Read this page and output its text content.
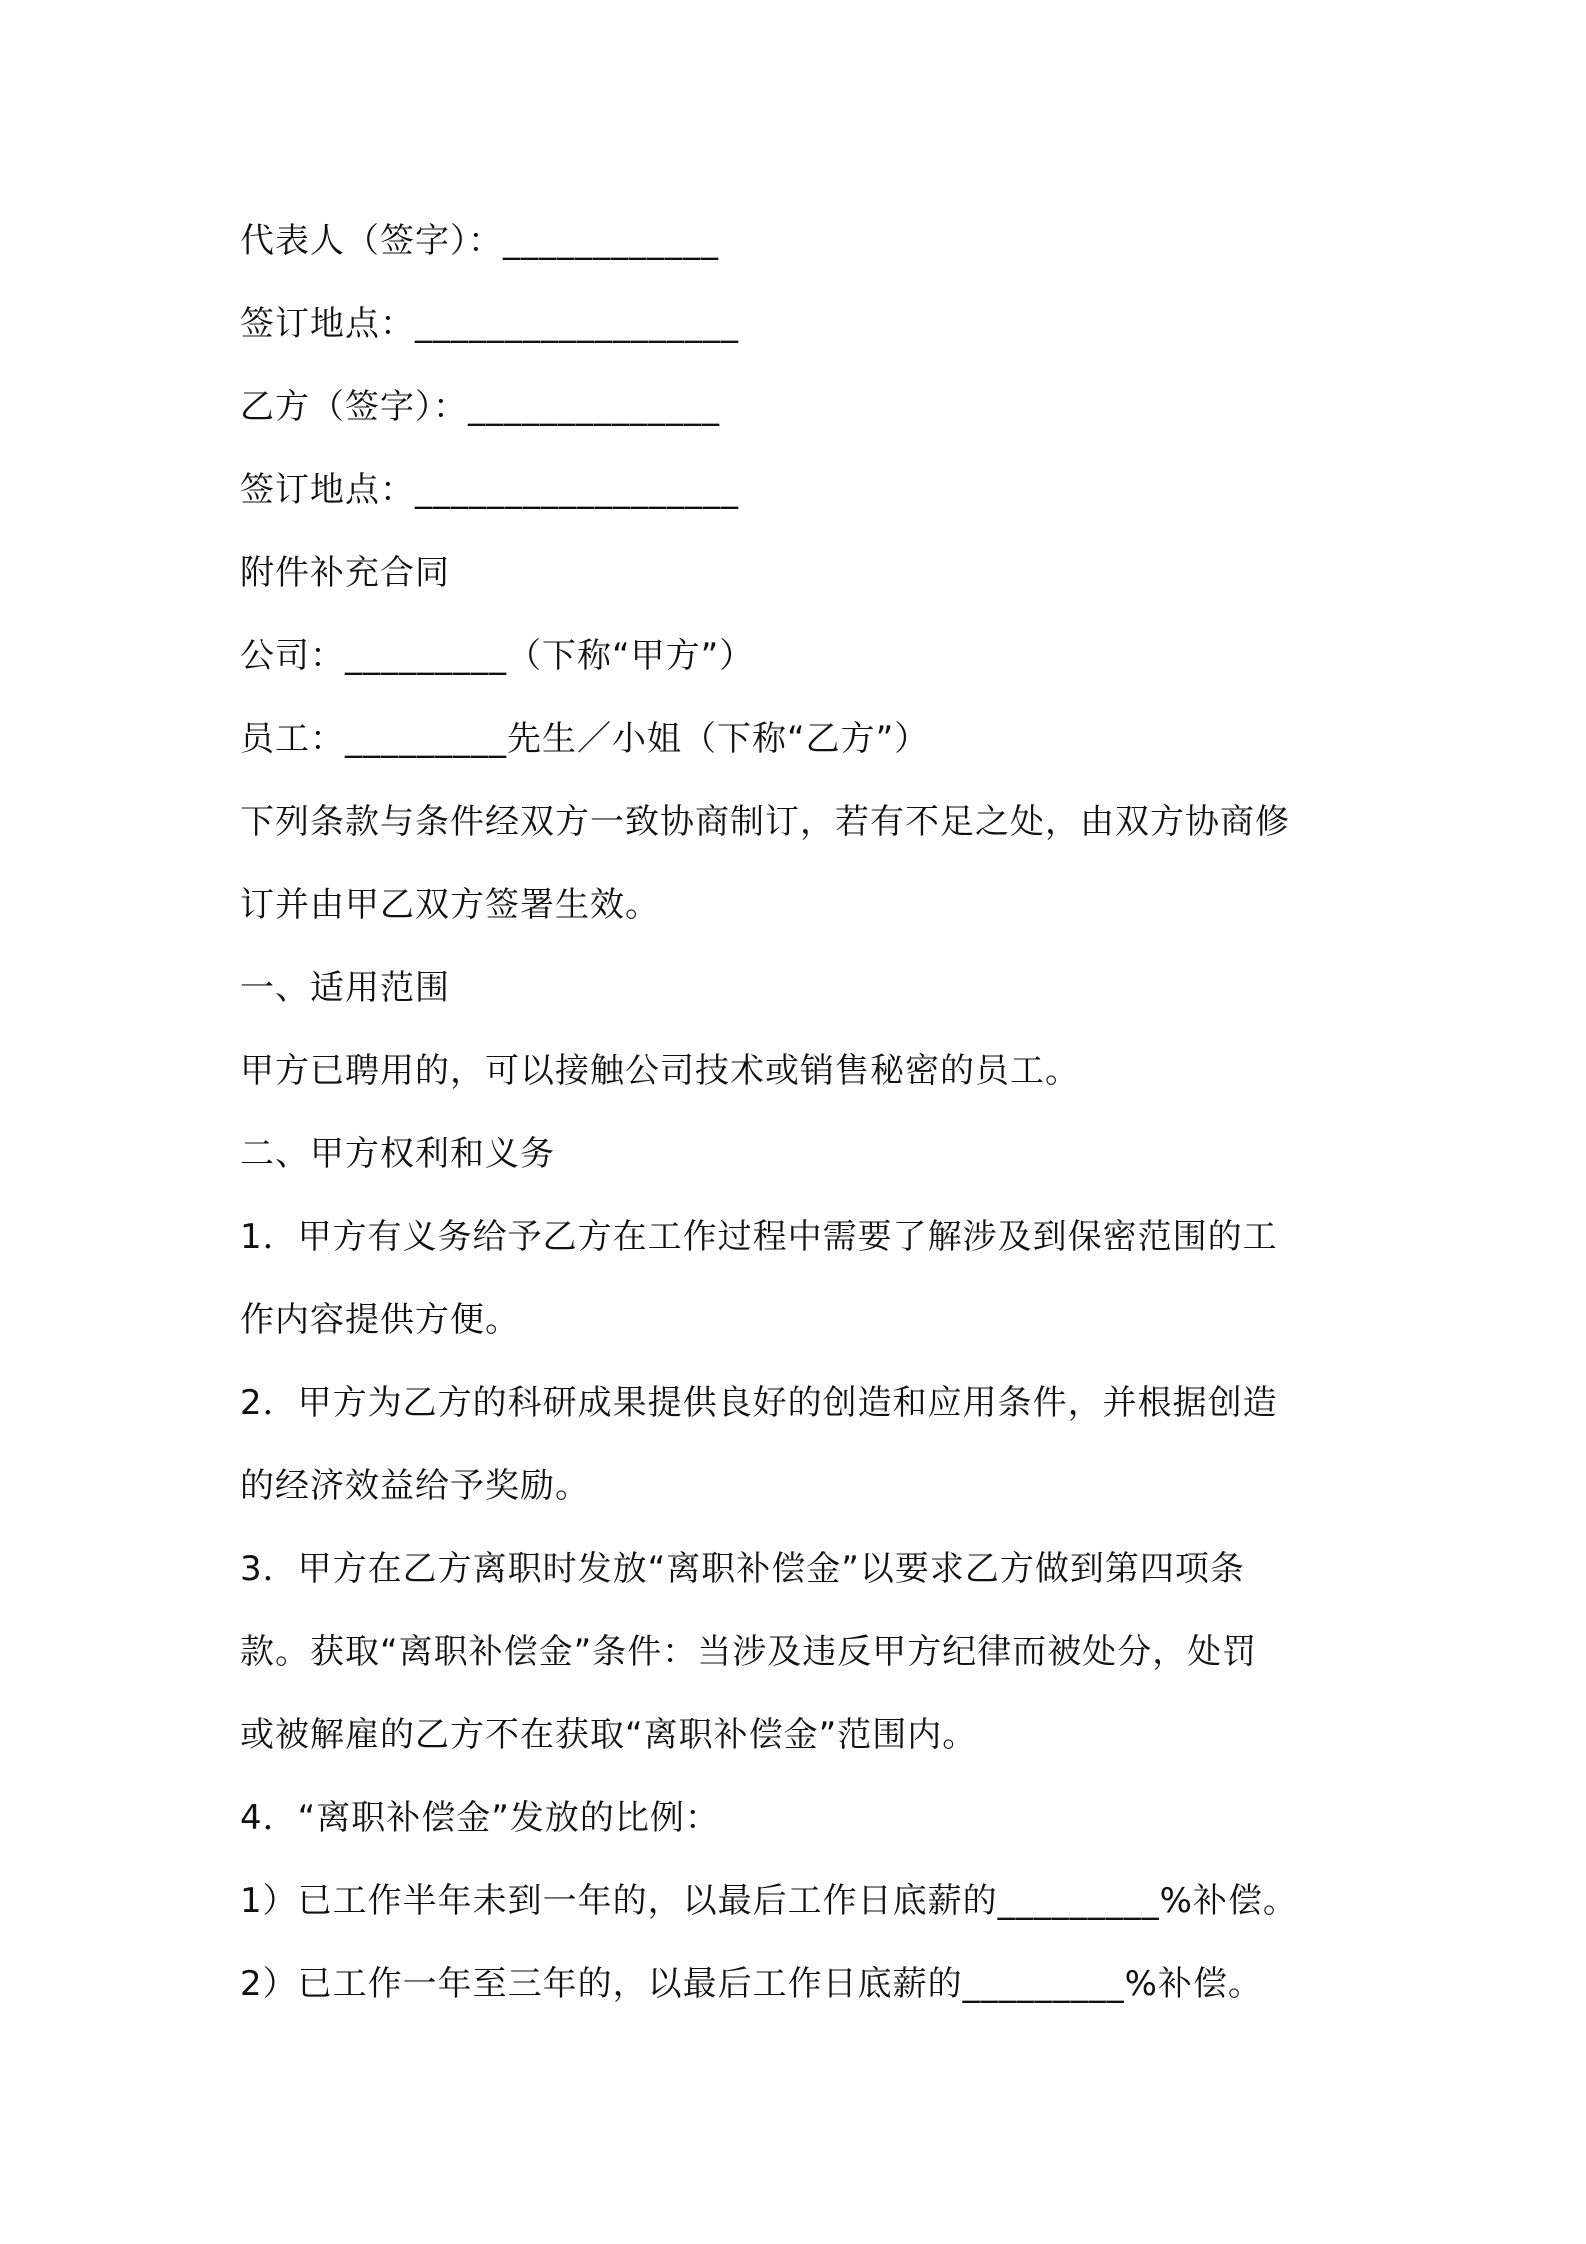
代表人（签字）：____________
签订地点：__________________
乙方（签字）：______________
签订地点：__________________
附件补充合同
公司：_________（下称“甲方”）
员工：_________先生／小姐（下称“乙方”）
下列条款与条件经双方一致协商制订，若有不足之处，由双方协商修
订并由甲乙双方签署生效。
一、适用范围
甲方已聘用的，可以接触公司技术或销售秘密的员工。
二、甲方权利和义务
1．甲方有义务给予乙方在工作过程中需要了解涉及到保密范围的工
作内容提供方便。
2．甲方为乙方的科研成果提供良好的创造和应用条件，并根据创造
的经济效益给予奖励。
3．甲方在乙方离职时发放“离职补偿金”以要求乙方做到第四项条
款。获取“离职补偿金”条件：当涉及违反甲方纪律而被处分，处罚
或被解雇的乙方不在获取“离职补偿金”范围内。
4．“离职补偿金”发放的比例：
1）已工作半年未到一年的，以最后工作日底薪的_________%补偿。
2）已工作一年至三年的，以最后工作日底薪的_________%补偿。
